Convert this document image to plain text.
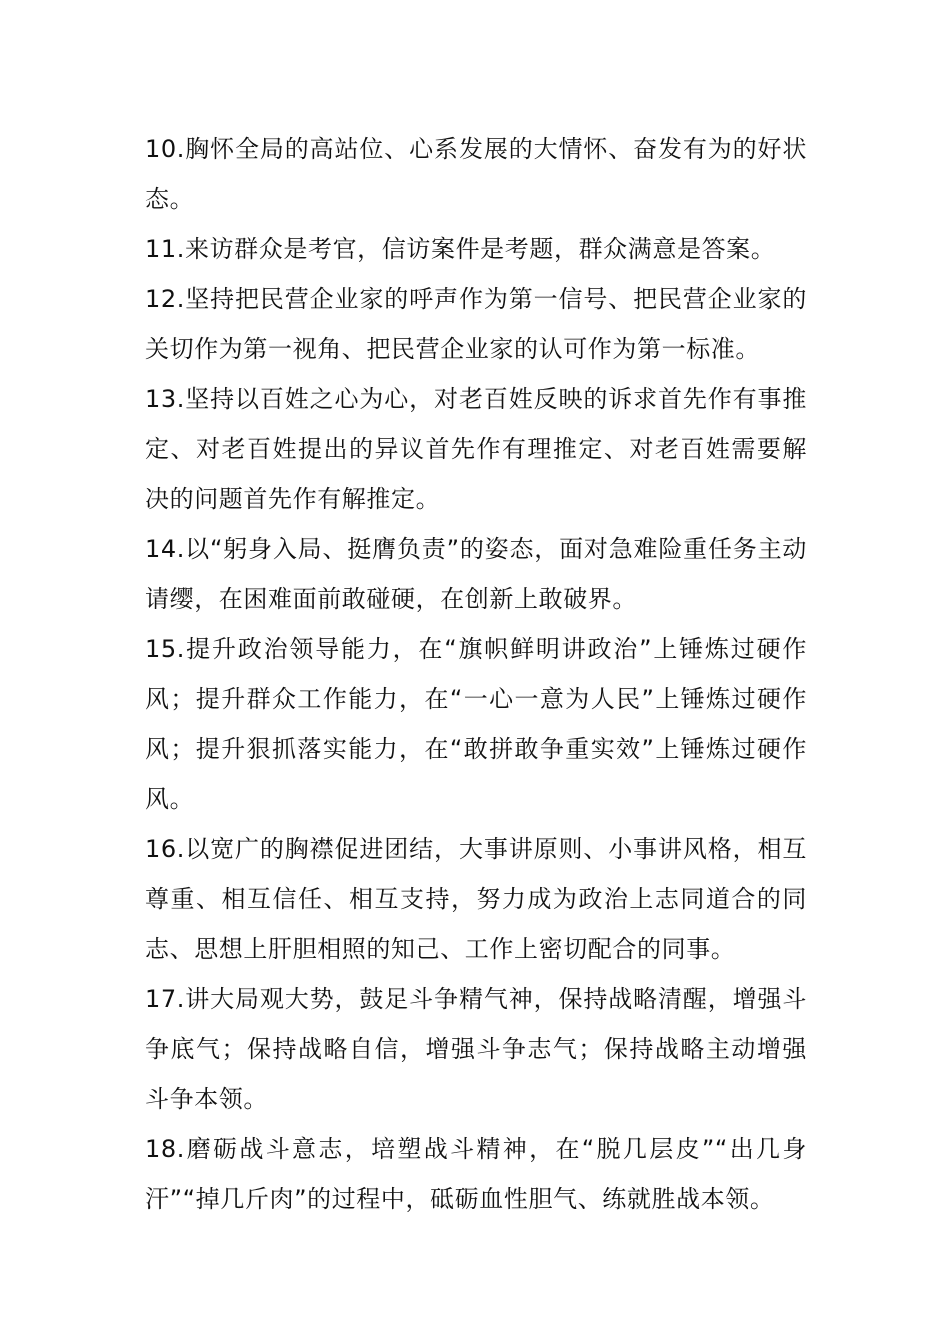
10.胸怀全局的高站位、心系发展的大情怀、奋发有为的好状态。

11.来访群众是考官，信访案件是考题，群众满意是答案。

12.坚持把民营企业家的呼声作为第一信号、把民营企业家的关切作为第一视角、把民营企业家的认可作为第一标准。

13.坚持以百姓之心为心，对老百姓反映的诉求首先作有事推定、对老百姓提出的异议首先作有理推定、对老百姓需要解决的问题首先作有解推定。

14.以“躬身入局、挺膺负责”的姿态，面对急难险重任务主动请缨，在困难面前敢碰硬，在创新上敢破界。

15.提升政治领导能力，在“旗帜鲜明讲政治”上锤炼过硬作风；提升群众工作能力，在“一心一意为人民”上锤炼过硬作风；提升狠抓落实能力，在“敢拼敢争重实效”上锤炼过硬作风。

16.以宽广的胸襟促进团结，大事讲原则、小事讲风格，相互尊重、相互信任、相互支持，努力成为政治上志同道合的同志、思想上肝胆相照的知己、工作上密切配合的同事。

17.讲大局观大势，鼓足斗争精气神，保持战略清醒，增强斗争底气；保持战略自信，增强斗争志气；保持战略主动增强斗争本领。

18.磨砺战斗意志，培塑战斗精神，在“脱几层皮”“出几身汗”“掉几斤肉”的过程中，砥砺血性胆气、练就胜战本领。
